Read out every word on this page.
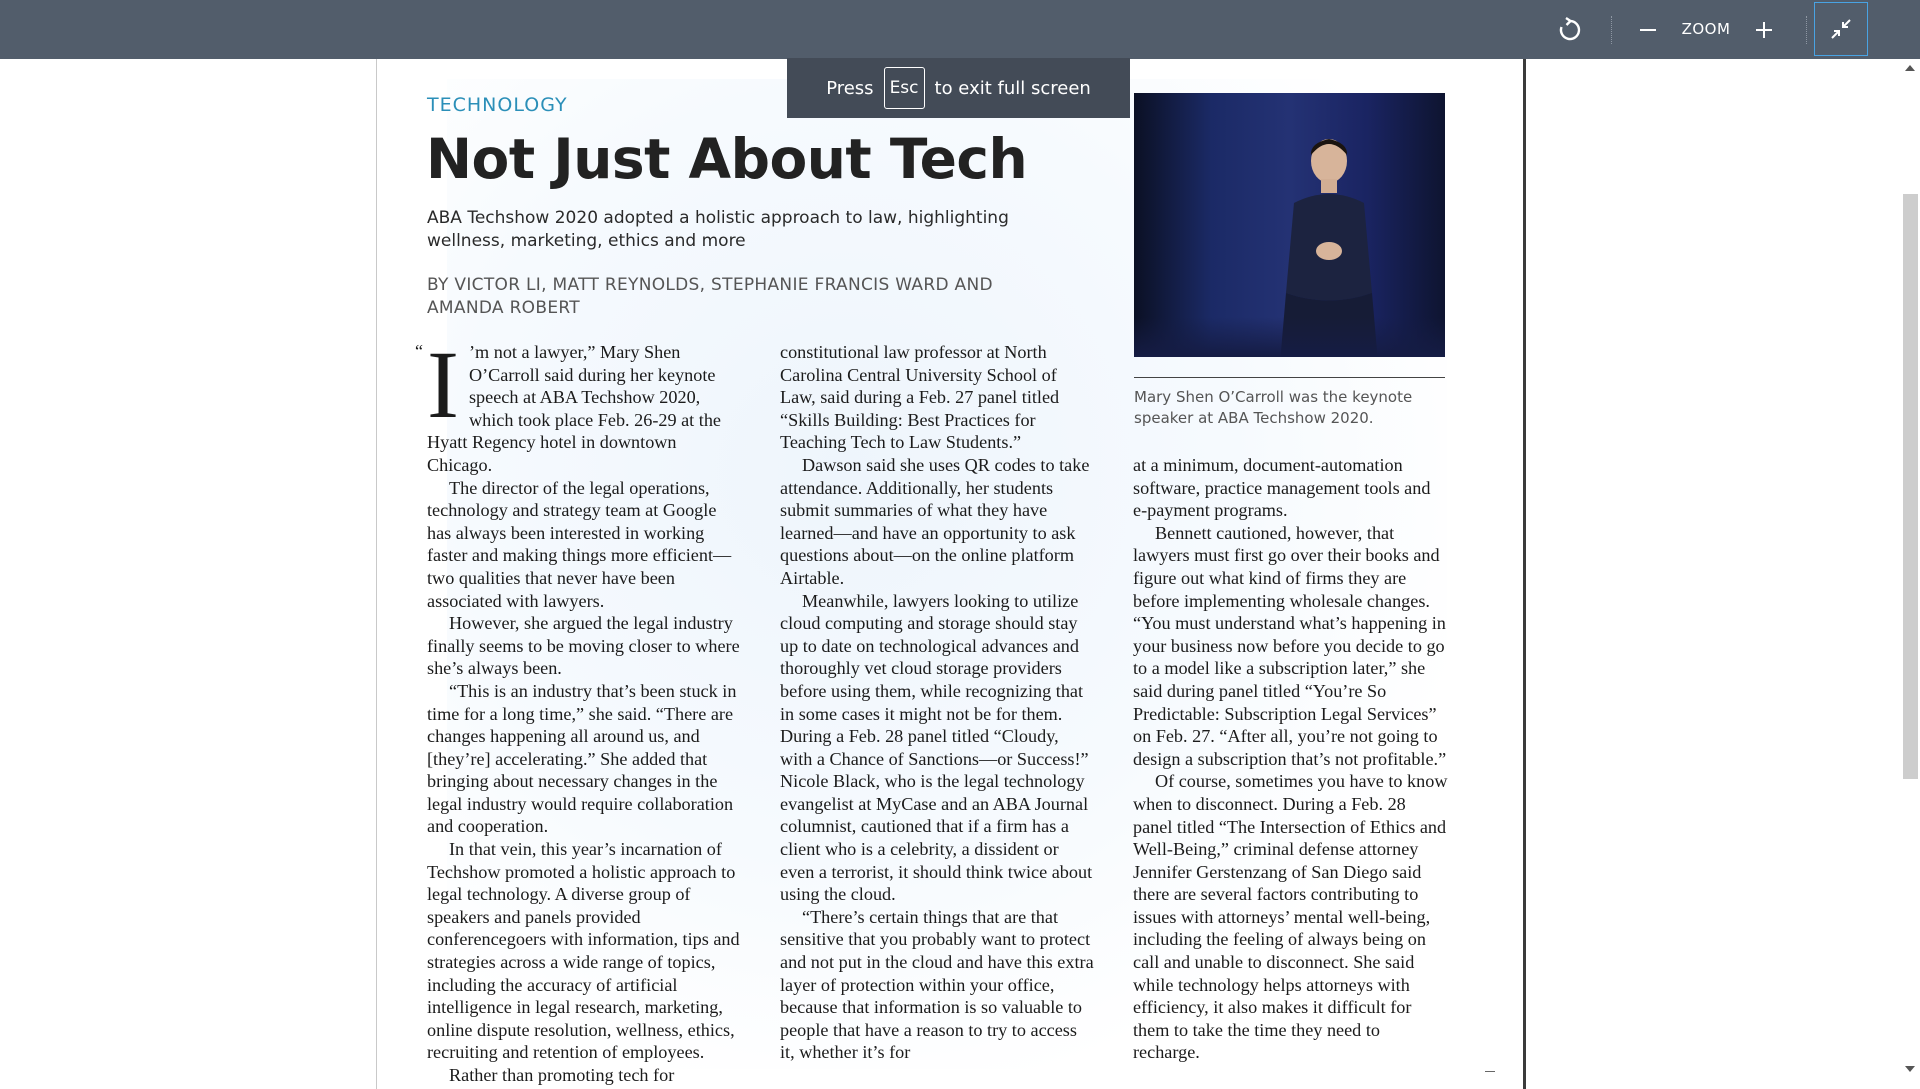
ZOOM
TECHNOLOGY
Not Just About Tech
ABA Techshow 2020 adopted a holistic approach to law, highlighting wellness, marketing, ethics and more
BY VICTOR LI, MATT REYNOLDS, STEPHANIE FRANCIS WARD AND AMANDA ROBERT
Mary Shen O’Carroll was the keynote speaker at ABA Techshow 2020.
“ I ’m not a lawyer,” Mary Shen O’Carroll said during her keynote speech at ABA Techshow 2020, which took place Feb. 26-29 at the Hyatt Regency hotel in downtown Chicago.

The director of the legal operations, technology and strategy team at Google has always been interested in working faster and making things more efficient—two qualities that never have been associated with lawyers.

However, she argued the legal industry finally seems to be moving closer to where she’s always been.

“This is an industry that’s been stuck in time for a long time,” she said. “There are changes happening all around us, and [they’re] accelerating.” She added that bringing about necessary changes in the legal industry would require collaboration and cooperation.

In that vein, this year’s incarnation of Techshow promoted a holistic approach to legal technology. A diverse group of speakers and panels provided conferencegoers with information, tips and strategies across a wide range of topics, including the accuracy of artificial intelligence in legal research, marketing, online dispute resolution, wellness, ethics, recruiting and retention of employees.

Rather than promoting tech for

constitutional law professor at North Carolina Central University School of Law, said during a Feb. 27 panel titled “Skills Building: Best Practices for Teaching Tech to Law Students.”

Dawson said she uses QR codes to take attendance. Additionally, her students submit summaries of what they have learned—and have an opportunity to ask questions about—on the online platform Airtable.

Meanwhile, lawyers looking to utilize cloud computing and storage should stay up to date on technological advances and thoroughly vet cloud storage providers before using them, while recognizing that in some cases it might not be for them. During a Feb. 28 panel titled “Cloudy, with a Chance of Sanctions—or Success!” Nicole Black, who is the legal technology evangelist at MyCase and an ABA Journal columnist, cautioned that if a firm has a client who is a celebrity, a dissident or even a terrorist, it should think twice about using the cloud.

“There’s certain things that are that sensitive that you probably want to protect and not put in the cloud and have this extra layer of protection within your office, because that information is so valuable to people that have a reason to try to access it, whether it’s for

at a minimum, document-automation software, practice management tools and e-payment programs.

Bennett cautioned, however, that lawyers must first go over their books and figure out what kind of firms they are before implementing wholesale changes. “You must understand what’s happening in your business now before you decide to go to a model like a subscription later,” she said during panel titled “You’re So Predictable: Subscription Legal Services” on Feb. 27. “After all, you’re not going to design a subscription that’s not profitable.”

Of course, sometimes you have to know when to disconnect. During a Feb. 28 panel titled “The Intersection of Ethics and Well-Being,” criminal defense attorney Jennifer Gerstenzang of San Diego said there are several factors contributing to issues with attorneys’ mental well-being, including the feeling of always being on call and unable to disconnect. She said while technology helps attorneys with efficiency, it also makes it difficult for them to take the time they need to recharge.

Press Esc to exit full screen
